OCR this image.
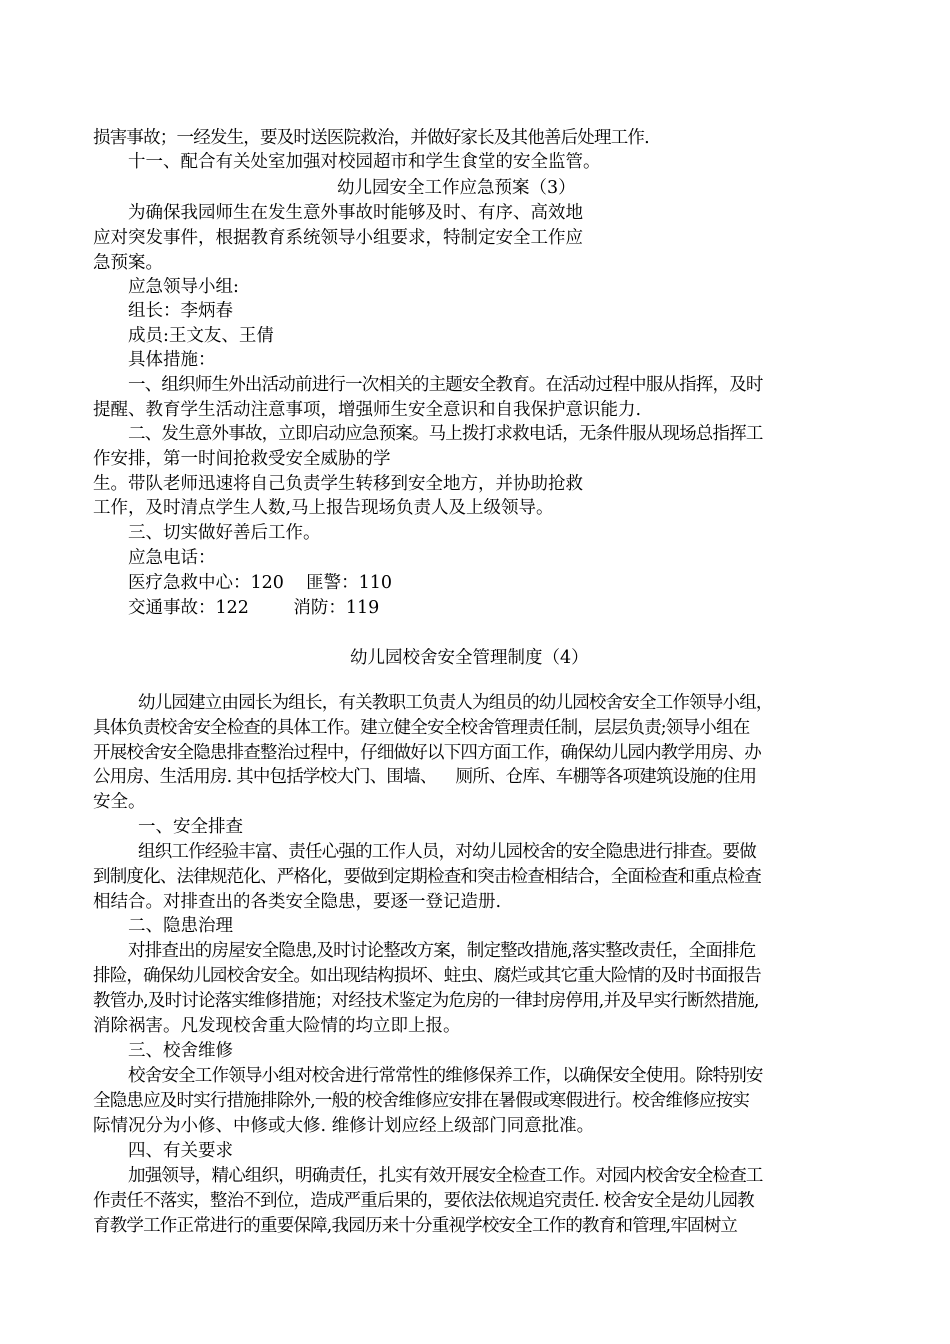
损害事故；一经发生，要及时送医院救治，并做好家长及其他善后处理工作.
十一、配合有关处室加强对校园超市和学生食堂的安全监管。
幼儿园安全工作应急预案（3）
为确保我园师生在发生意外事故时能够及时、有序、高效地
应对突发事件，根据教育系统领导小组要求，特制定安全工作应
急预案。
应急领导小组:
组长：李炳春
成员:王文友、王倩
具体措施：
一、组织师生外出活动前进行一次相关的主题安全教育。在活动过程中服从指挥，及时
提醒、教育学生活动注意事项，增强师生安全意识和自我保护意识能力.
二、发生意外事故，立即启动应急预案。马上拨打求救电话，无条件服从现场总指挥工
作安排，第一时间抢救受安全威胁的学
生。带队老师迅速将自己负责学生转移到安全地方，并协助抢救
工作，及时清点学生人数,马上报告现场负责人及上级领导。
三、切实做好善后工作。
应急电话：
医疗急救中心：120    匪警：110
交通事故：122        消防：119
幼儿园校舍安全管理制度（4）
幼儿园建立由园长为组长，有关教职工负责人为组员的幼儿园校舍安全工作领导小组，
具体负责校舍安全检查的具体工作。建立健全安全校舍管理责任制，层层负责;领导小组在
开展校舍安全隐患排查整治过程中，仔细做好以下四方面工作，确保幼儿园内教学用房、办
公用房、生活用房. 其中包括学校大门、围墙、    厕所、仓库、车棚等各项建筑设施的住用
安全。
一、安全排查
组织工作经验丰富、责任心强的工作人员，对幼儿园校舍的安全隐患进行排查。要做
到制度化、法律规范化、严格化，要做到定期检查和突击检查相结合，全面检查和重点检查
相结合。对排查出的各类安全隐患，要逐一登记造册.
二、隐患治理
对排查出的房屋安全隐患,及时讨论整改方案，制定整改措施,落实整改责任，全面排危
排险，确保幼儿园校舍安全。如出现结构损坏、蛀虫、腐烂或其它重大险情的及时书面报告
教管办,及时讨论落实维修措施；对经技术鉴定为危房的一律封房停用,并及早实行断然措施,
消除祸害。凡发现校舍重大险情的均立即上报。
三、校舍维修
校舍安全工作领导小组对校舍进行常常性的维修保养工作，以确保安全使用。除特别安
全隐患应及时实行措施排除外,一般的校舍维修应安排在暑假或寒假进行。校舍维修应按实
际情况分为小修、中修或大修. 维修计划应经上级部门同意批准。
四、有关要求
加强领导，精心组织，明确责任，扎实有效开展安全检查工作。对园内校舍安全检查工
作责任不落实，整治不到位，造成严重后果的，要依法依规追究责任. 校舍安全是幼儿园教
育教学工作正常进行的重要保障,我园历来十分重视学校安全工作的教育和管理,牢固树立
